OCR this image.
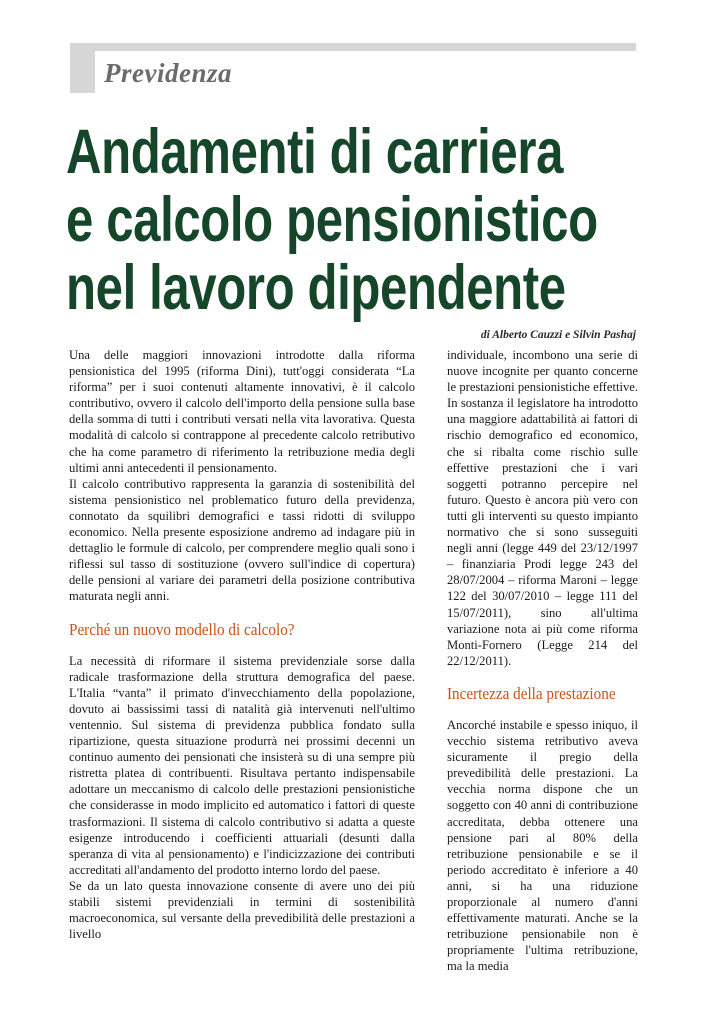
Previdenza
Andamenti di carriera
e calcolo pensionistico
nel lavoro dipendente
di Alberto Cauzzi e Silvin Pashaj

Una delle maggiori innovazioni introdotte dalla riforma pensionistica del 1995 (riforma Dini), tutt'oggi considerata “La riforma” per i suoi contenuti altamente innovativi, è il calcolo contributivo, ovvero il calcolo dell'importo della pensione sulla base della somma di tutti i contributi versati nella vita lavorativa. Questa modalità di calcolo si contrappone al precedente calcolo retributivo che ha come parametro di riferimento la retribuzione media degli ultimi anni antecedenti il pensionamento.

Il calcolo contributivo rappresenta la garanzia di sostenibilità del sistema pensionistico nel problematico futuro della previdenza, connotato da squilibri demografici e tassi ridotti di sviluppo economico. Nella presente esposizione andremo ad indagare più in dettaglio le formule di calcolo, per comprendere meglio quali sono i riflessi sul tasso di sostituzione (ovvero sull'indice di copertura) delle pensioni al variare dei parametri della posizione contributiva maturata negli anni.

Perché un nuovo modello di calcolo?

La necessità di riformare il sistema previdenziale sorse dalla radicale trasformazione della struttura demografica del paese. L'Italia “vanta” il primato d'invecchiamento della popolazione, dovuto ai bassissimi tassi di natalità già intervenuti nell'ultimo ventennio. Sul sistema di previdenza pubblica fondato sulla ripartizione, questa situazione produrrà nei prossimi decenni un continuo aumento dei pensionati che insisterà su di una sempre più ristretta platea di contribuenti. Risultava pertanto indispensabile adottare un meccanismo di calcolo delle prestazioni pensionistiche che considerasse in modo implicito ed automatico i fattori di queste trasformazioni. Il sistema di calcolo contributivo si adatta a queste esigenze introducendo i coefficienti attuariali (desunti dalla speranza di vita al pensionamento) e l'indicizzazione dei contributi accreditati all'andamento del prodotto interno lordo del paese.

Se da un lato questa innovazione consente di avere uno dei più stabili sistemi previdenziali in termini di sostenibilità macroeconomica, sul versante della prevedibilità delle prestazioni a livello

individuale, incombono una serie di nuove incognite per quanto concerne le prestazioni pensionistiche effettive. In sostanza il legislatore ha introdotto una maggiore adattabilità ai fattori di rischio demografico ed economico, che si ribalta come rischio sulle effettive prestazioni che i vari soggetti potranno percepire nel futuro. Questo è ancora più vero con tutti gli interventi su questo impianto normativo che si sono susseguiti negli anni (legge 449 del 23/12/1997 – finanziaria Prodi legge 243 del 28/07/2004 – riforma Maroni – legge 122 del 30/07/2010 – legge 111 del 15/07/2011), sino all'ultima variazione nota ai più come riforma Monti-Fornero (Legge 214 del 22/12/2011).

Incertezza della prestazione

Ancorché instabile e spesso iniquo, il vecchio sistema retributivo aveva sicuramente il pregio della prevedibilità delle prestazioni. La vecchia norma dispone che un soggetto con 40 anni di contribuzione accreditata, debba ottenere una pensione pari al 80% della retribuzione pensionabile e se il periodo accreditato è inferiore a 40 anni, si ha una riduzione proporzionale al numero d'anni effettivamente maturati. Anche se la retribuzione pensionabile non è propriamente l'ultima retribuzione, ma la media
